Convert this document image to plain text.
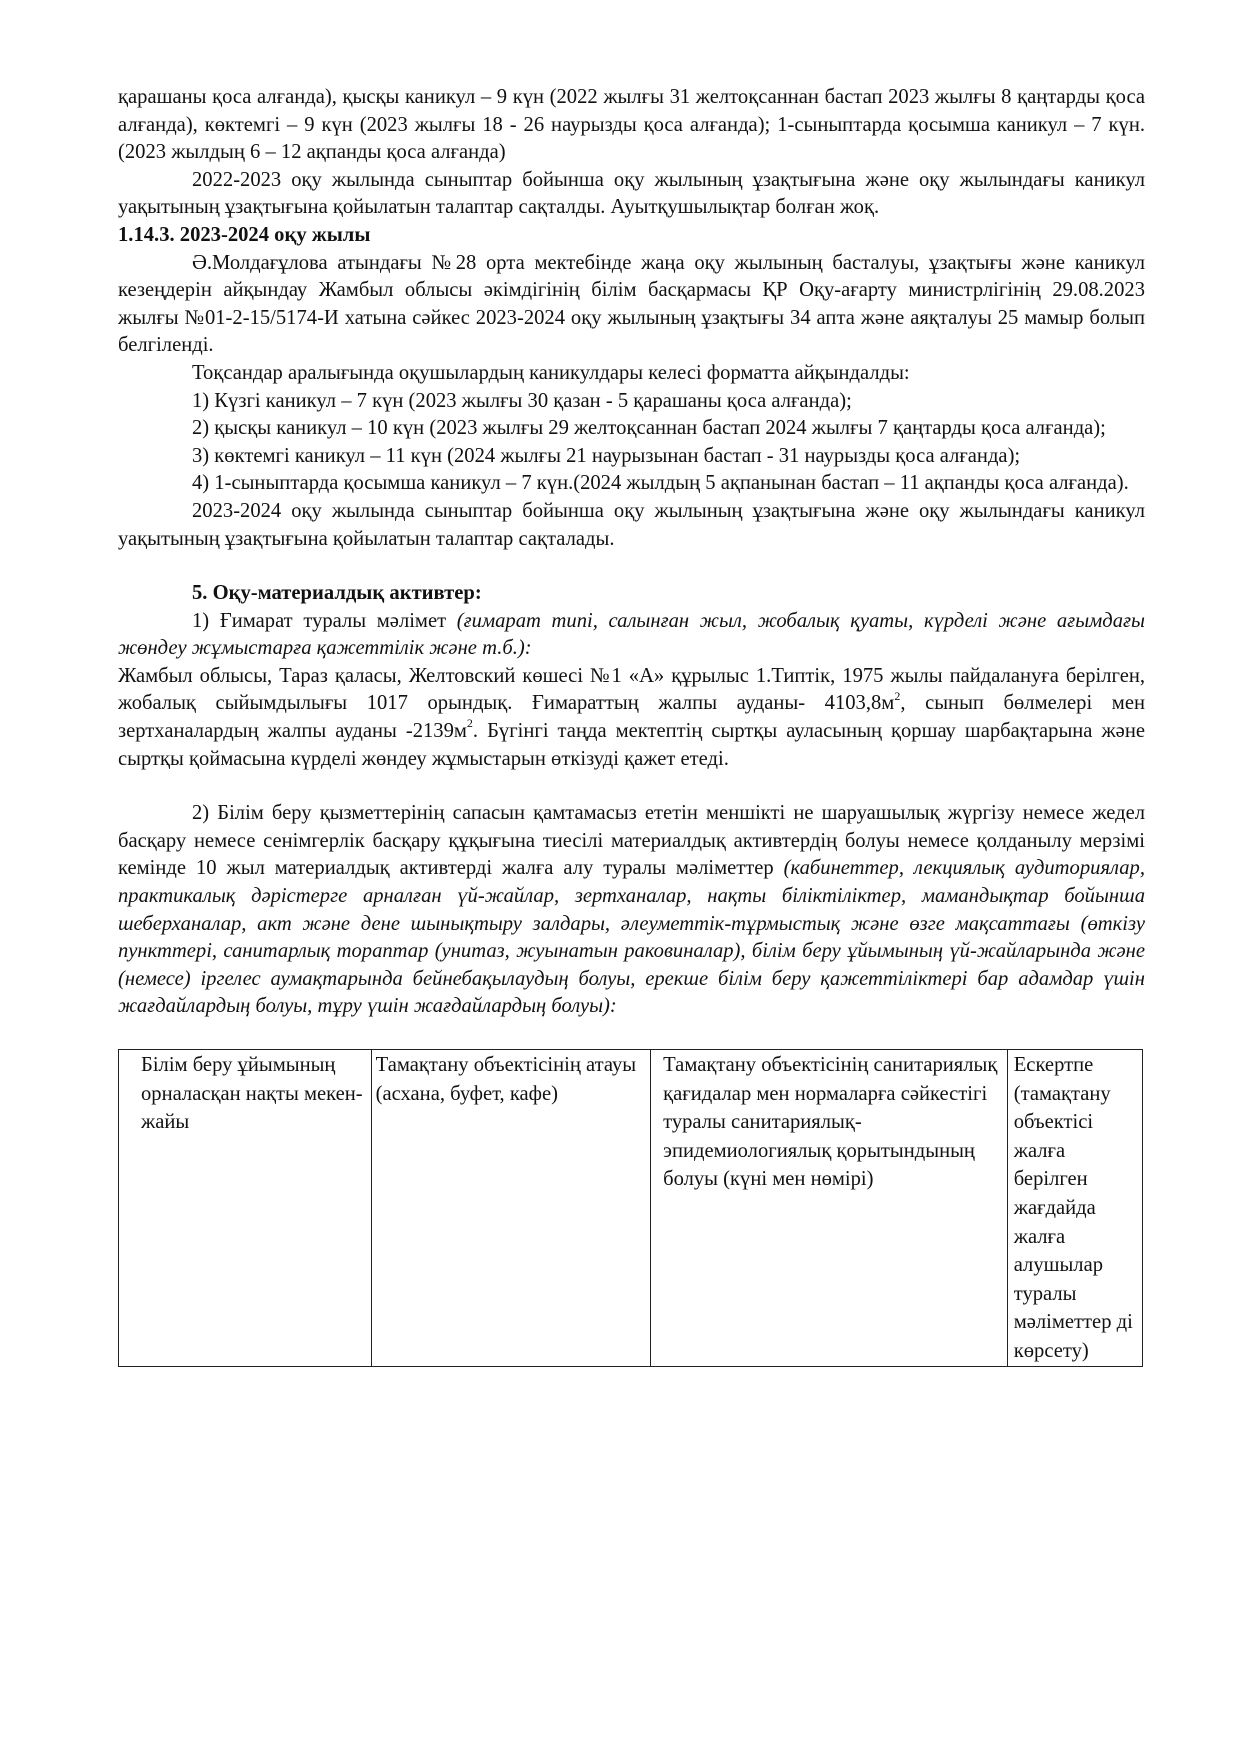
қарашаны қоса алғанда), қысқы каникул – 9 күн (2022 жылғы 31 желтоқсаннан бастап 2023 жылғы 8 қаңтарды қоса алғанда), көктемгі – 9 күн (2023 жылғы 18 - 26 наурызды қоса алғанда); 1-сыныптарда қосымша каникул – 7 күн.(2023 жылдың 6 – 12 ақпанды қоса алғанда)

2022-2023 оқу жылында сыныптар бойынша оқу жылының ұзақтығына және оқу жылындағы каникул уақытының ұзақтығына қойылатын талаптар сақталды. Ауытқушылықтар болған жоқ.

1.14.3. 2023-2024 оқу жылы

Ә.Молдағұлова атындағы №28 орта мектебінде жаңа оқу жылының басталуы, ұзақтығы және каникул кезеңдерін айқындау Жамбыл облысы әкімдігінің білім басқармасы ҚР Оқу-ағарту министрлігінің 29.08.2023 жылғы №01-2-15/5174-И хатына сәйкес 2023-2024 оқу жылының ұзақтығы 34 апта және аяқталуы 25 мамыр болып белгіленді.

Тоқсандар аралығында оқушылардың каникулдары келесі форматта айқындалды:

1) Күзгі каникул – 7 күн (2023 жылғы 30 қазан - 5 қарашаны қоса алғанда);

2) қысқы каникул – 10 күн (2023 жылғы 29 желтоқсаннан бастап 2024 жылғы 7 қаңтарды қоса алғанда);

3) көктемгі каникул – 11 күн (2024 жылғы 21 наурызынан бастап - 31 наурызды қоса алғанда);

4) 1-сыныптарда қосымша каникул – 7 күн.(2024 жылдың 5 ақпанынан бастап – 11 ақпанды қоса алғанда).

2023-2024 оқу жылында сыныптар бойынша оқу жылының ұзақтығына және оқу жылындағы каникул уақытының ұзақтығына қойылатын талаптар сақталады.

5. Оқу-материалдық активтер:

1) Ғимарат туралы мәлімет (ғимарат типі, салынған жыл, жобалық қуаты, күрделі және ағымдағы жөндеу жұмыстарға қажеттілік және т.б.):

Жамбыл облысы, Тараз қаласы, Желтовский көшесі №1 «А» құрылыс 1.Типтік, 1975 жылы пайдалануға берілген, жобалық сыйымдылығы 1017 орындық. Ғимараттың жалпы ауданы- $4103,8м^2$, сынып бөлмелері мен зертханалардың жалпы ауданы $-2139м^2$. Бүгінгі таңда мектептің сыртқы ауласының қоршау шарбақтарына және сыртқы қоймасына күрделі жөндеу жұмыстарын өткізуді қажет етеді.

2) Білім беру қызметтерінің сапасын қамтамасыз ететін меншікті не шаруашылық жүргізу немесе жедел басқару немесе сенімгерлік басқару құқығына тиесілі материалдық активтердің болуы немесе қолданылу мерзімі кемінде 10 жыл материалдық активтерді жалға алу туралы мәліметтер (кабинеттер, лекциялық аудиториялар, практикалық дәрістерге арналған үй-жайлар, зертханалар, нақты біліктіліктер, мамандықтар бойынша шеберханалар, акт және дене шынықтыру залдары, әлеуметтік-тұрмыстық және өзге мақсаттағы (өткізу пункттері, санитарлық тораптар (унитаз, жуынатын раковиналар), білім беру ұйымының үй-жайларында және (немесе) іргелес аумақтарында бейнебақылаудың болуы, ерекше білім беру қажеттіліктері бар адамдар үшін жағдайлардың болуы, тұру үшін жағдайлардың болуы):

Білім беру ұйымының орналасқан нақты мекен-жайы	Тамақтану объектісінің атауы (асхана, буфет, кафе)	Тамақтану объектісінің санитариялық қағидалар мен нормаларға сәйкестігі туралы санитариялық-эпидемиологиялық қорытындының болуы (күні мен нөмірі)	Ескертпе (тамақтану объектісі жалға берілген жағдайда жалға алушылар туралы мәліметтер ді көрсету)
